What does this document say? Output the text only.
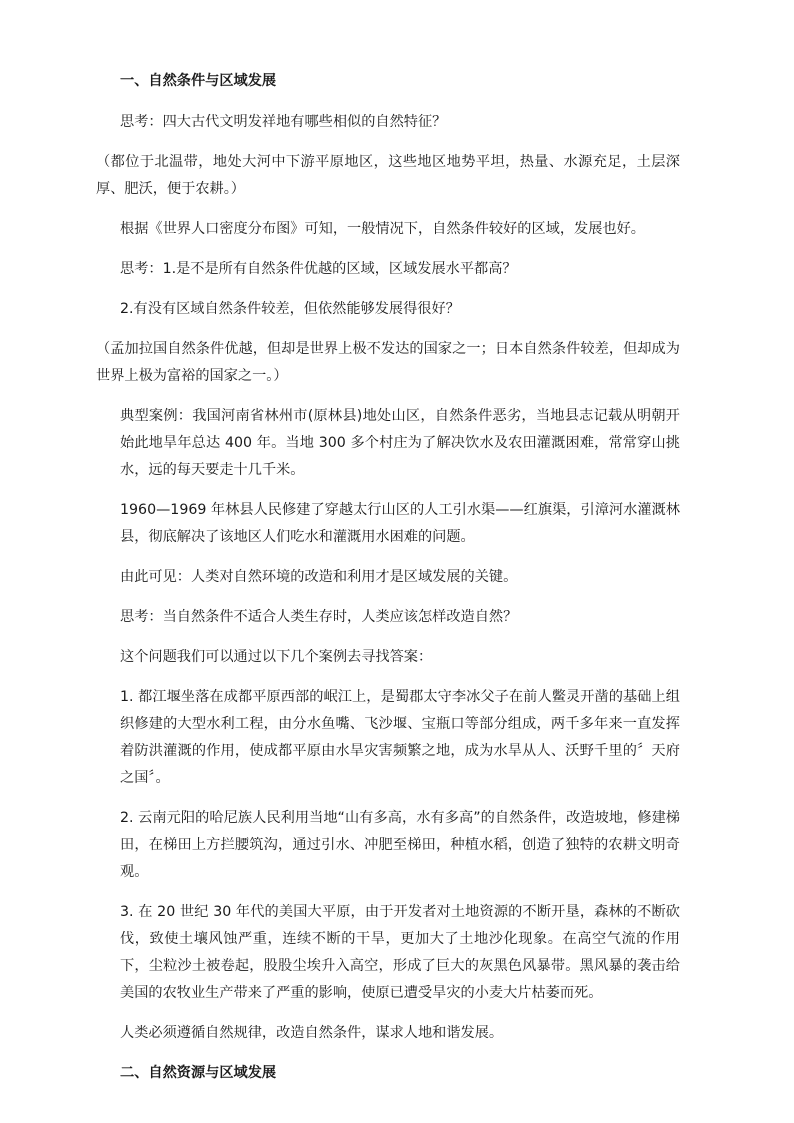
一、自然条件与区域发展

思考：四大古代文明发祥地有哪些相似的自然特征？

（都位于北温带，地处大河中下游平原地区，这些地区地势平坦，热量、水源充足，土层深厚、肥沃，便于农耕。）

根据《世界人口密度分布图》可知，一般情况下，自然条件较好的区域，发展也好。

思考：1.是不是所有自然条件优越的区域，区域发展水平都高？

2.有没有区域自然条件较差，但依然能够发展得很好？

（孟加拉国自然条件优越，但却是世界上极不发达的国家之一；日本自然条件较差，但却成为世界上极为富裕的国家之一。）

典型案例：我国河南省林州市(原林县)地处山区，自然条件恶劣，当地县志记载从明朝开始此地旱年总达 400 年。当地 300 多个村庄为了解决饮水及农田灌溉困难，常常穿山挑水，远的每天要走十几千米。

1960—1969 年林县人民修建了穿越太行山区的人工引水渠——红旗渠，引漳河水灌溉林县，彻底解决了该地区人们吃水和灌溉用水困难的问题。

由此可见：人类对自然环境的改造和利用才是区域发展的关键。

思考：当自然条件不适合人类生存时，人类应该怎样改造自然？

这个问题我们可以通过以下几个案例去寻找答案：

1. 都江堰坐落在成都平原西部的岷江上，是蜀郡太守李冰父子在前人鳖灵开凿的基础上组织修建的大型水利工程，由分水鱼嘴、飞沙堰、宝瓶口等部分组成，两千多年来一直发挥着防洪灌溉的作用，使成都平原由水旱灾害频繁之地，成为水旱从人、沃野千里的〞天府之国〞。

2. 云南元阳的哈尼族人民利用当地“山有多高，水有多高”的自然条件，改造坡地，修建梯田，在梯田上方拦腰筑沟，通过引水、冲肥至梯田，种植水稻，创造了独特的农耕文明奇观。

3. 在 20 世纪 30 年代的美国大平原，由于开发者对土地资源的不断开垦，森林的不断砍伐，致使土壤风蚀严重，连续不断的干旱，更加大了土地沙化现象。在高空气流的作用下，尘粒沙土被卷起，股股尘埃升入高空，形成了巨大的灰黑色风暴带。黑风暴的袭击给美国的农牧业生产带来了严重的影响，使原已遭受旱灾的小麦大片枯萎而死。

人类必须遵循自然规律，改造自然条件，谋求人地和谐发展。

二、自然资源与区域发展
